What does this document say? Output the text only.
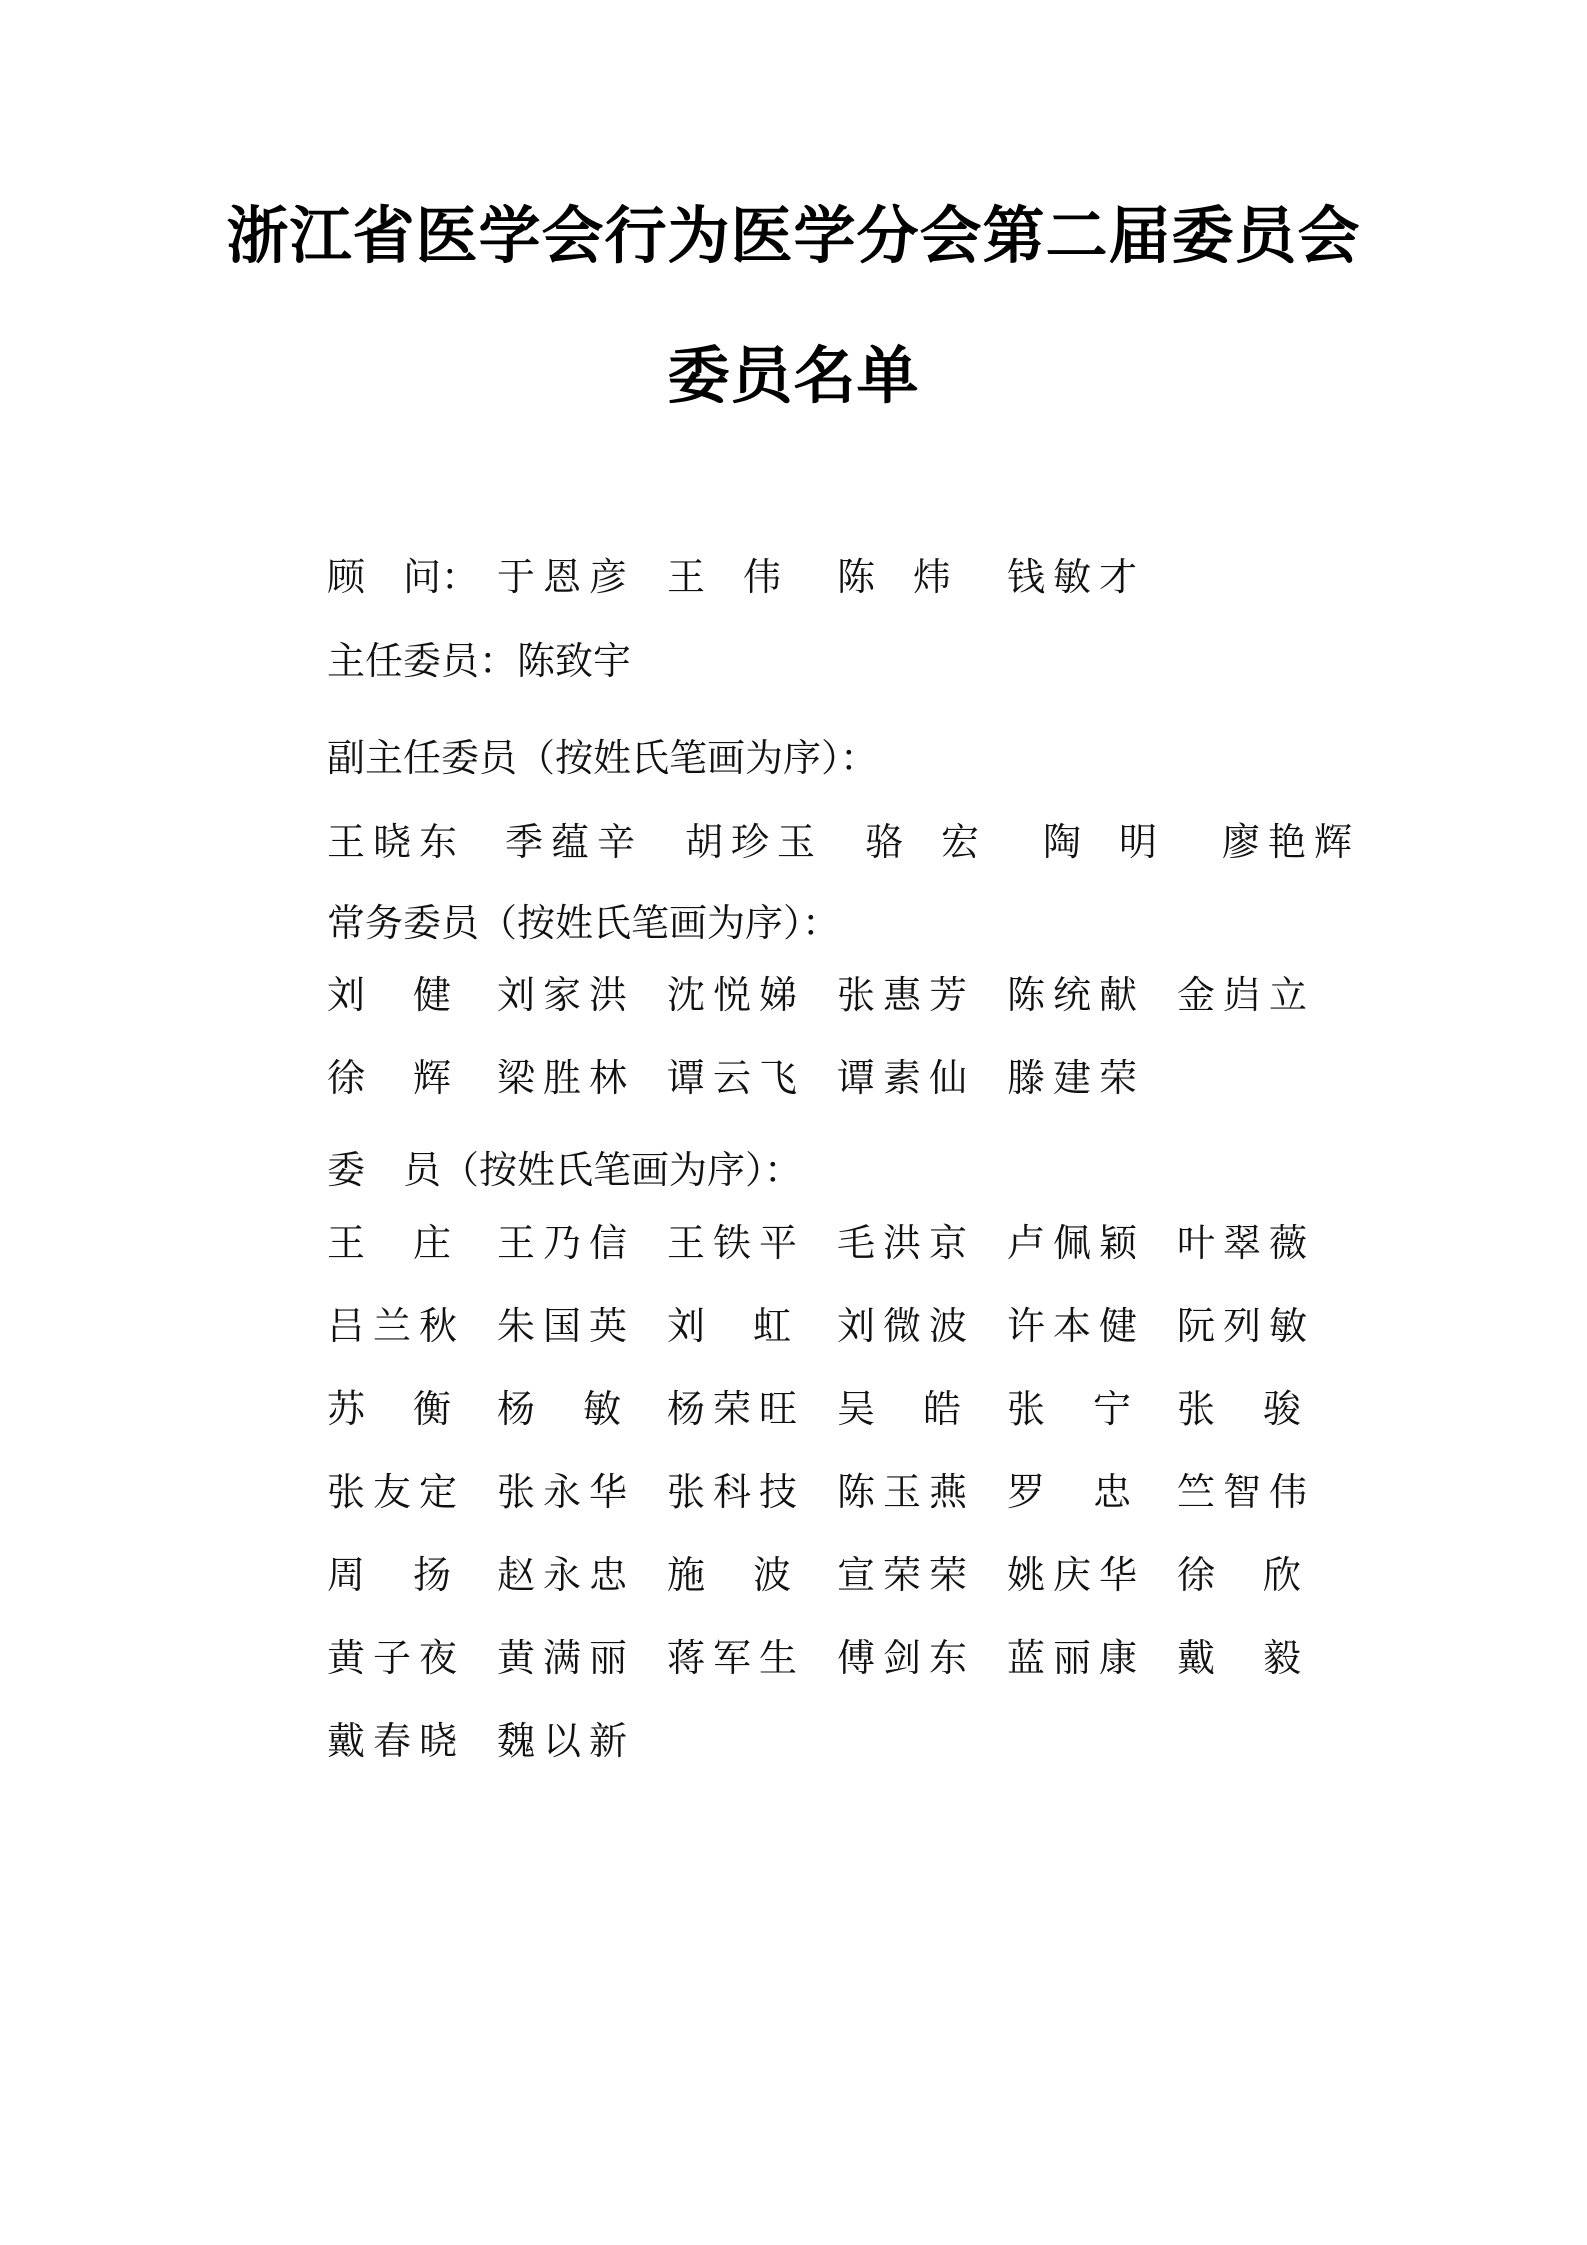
浙江省医学会行为医学分会第二届委员会
委员名单
顾　问： 于恩彦 王　伟 陈　炜 钱敏才
主任委员：陈致宇
副主任委员（按姓氏笔画为序）：
王晓东 季蕴辛 胡珍玉 骆　宏 陶　明 廖艳辉
常务委员（按姓氏笔画为序）：
刘　健 刘家洪 沈悦娣 张惠芳 陈统献 金岿立
徐　辉 梁胜林 谭云飞 谭素仙 滕建荣
委　员（按姓氏笔画为序）：
王　庄 王乃信 王铁平 毛洪京 卢佩颖 叶翠薇
吕兰秋 朱国英 刘　虹 刘微波 许本健 阮列敏
苏　衡 杨　敏 杨荣旺 吴　皓 张　宁 张　骏
张友定 张永华 张科技 陈玉燕 罗　忠 竺智伟
周　扬 赵永忠 施　波 宣荣荣 姚庆华 徐　欣
黄子夜 黄满丽 蒋军生 傅剑东 蓝丽康 戴　毅
戴春晓 魏以新
